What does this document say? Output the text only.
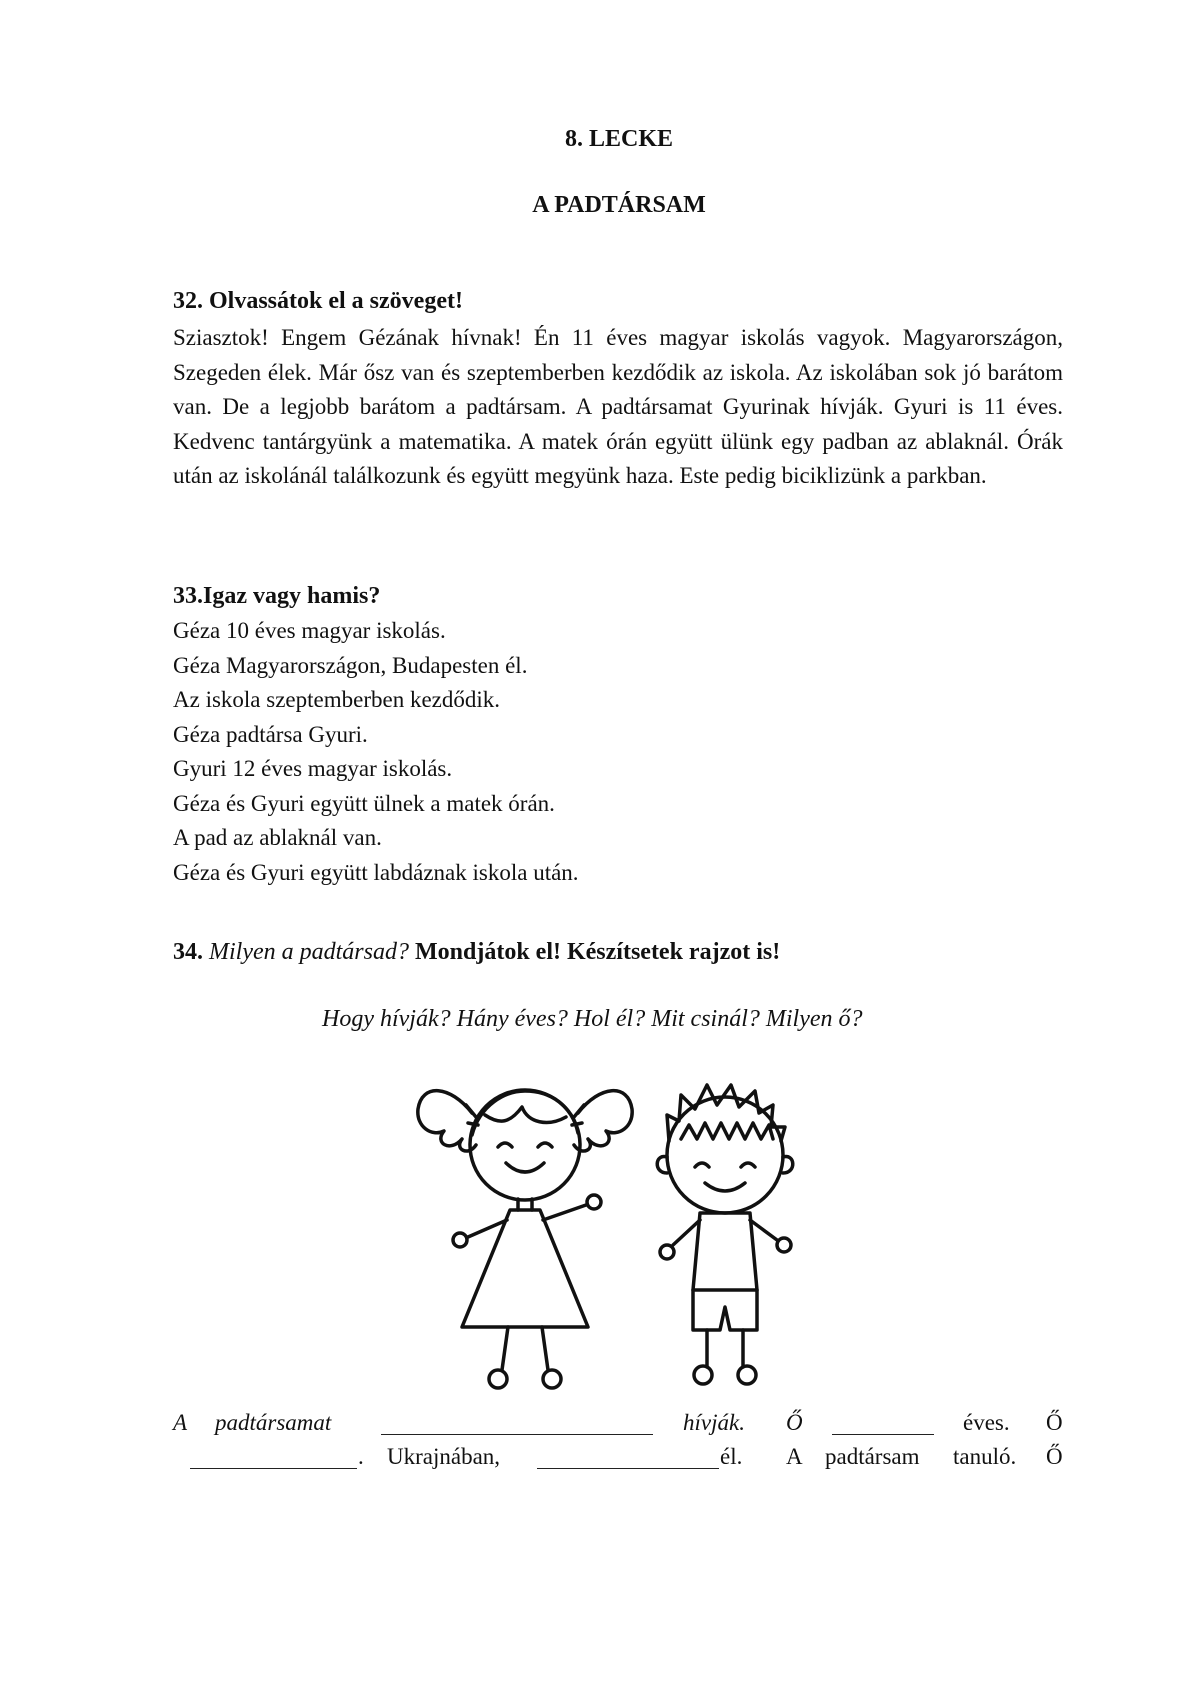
8. LECKE
A PADTÁRSAM
32. Olvassátok el a szöveget!
Sziasztok! Engem Gézának hívnak! Én 11 éves magyar iskolás vagyok. Magyarországon, Szegeden élek. Már ősz van és szeptemberben kezdődik az iskola. Az iskolában sok jó barátom van. De a legjobb barátom a padtársam. A padtársamat Gyurinak hívják. Gyuri is 11 éves. Kedvenc tantárgyünk a matematika. A matek órán együtt ülünk egy padban az ablaknál. Órák után az iskolánál találkozunk és együtt megyünk haza. Este pedig biciklizünk a parkban.
33.Igaz vagy hamis?
Géza 10 éves magyar iskolás.
Géza Magyarországon, Budapesten él.
Az iskola szeptemberben kezdődik.
Géza padtársa Gyuri.
Gyuri 12 éves magyar iskolás.
Géza és Gyuri együtt ülnek a matek órán.
A pad az ablaknál van.
Géza és Gyuri együtt labdáznak iskola után.
34. Milyen a padtársad? Mondjátok el! Készítsetek rajzot is!
Hogy hívják? Hány éves? Hol él? Mit csinál? Milyen ő?
A padtársamat	hívják. Ő	éves. Ő
. Ukrajnában,	él. A padtársam tanuló. Ő
